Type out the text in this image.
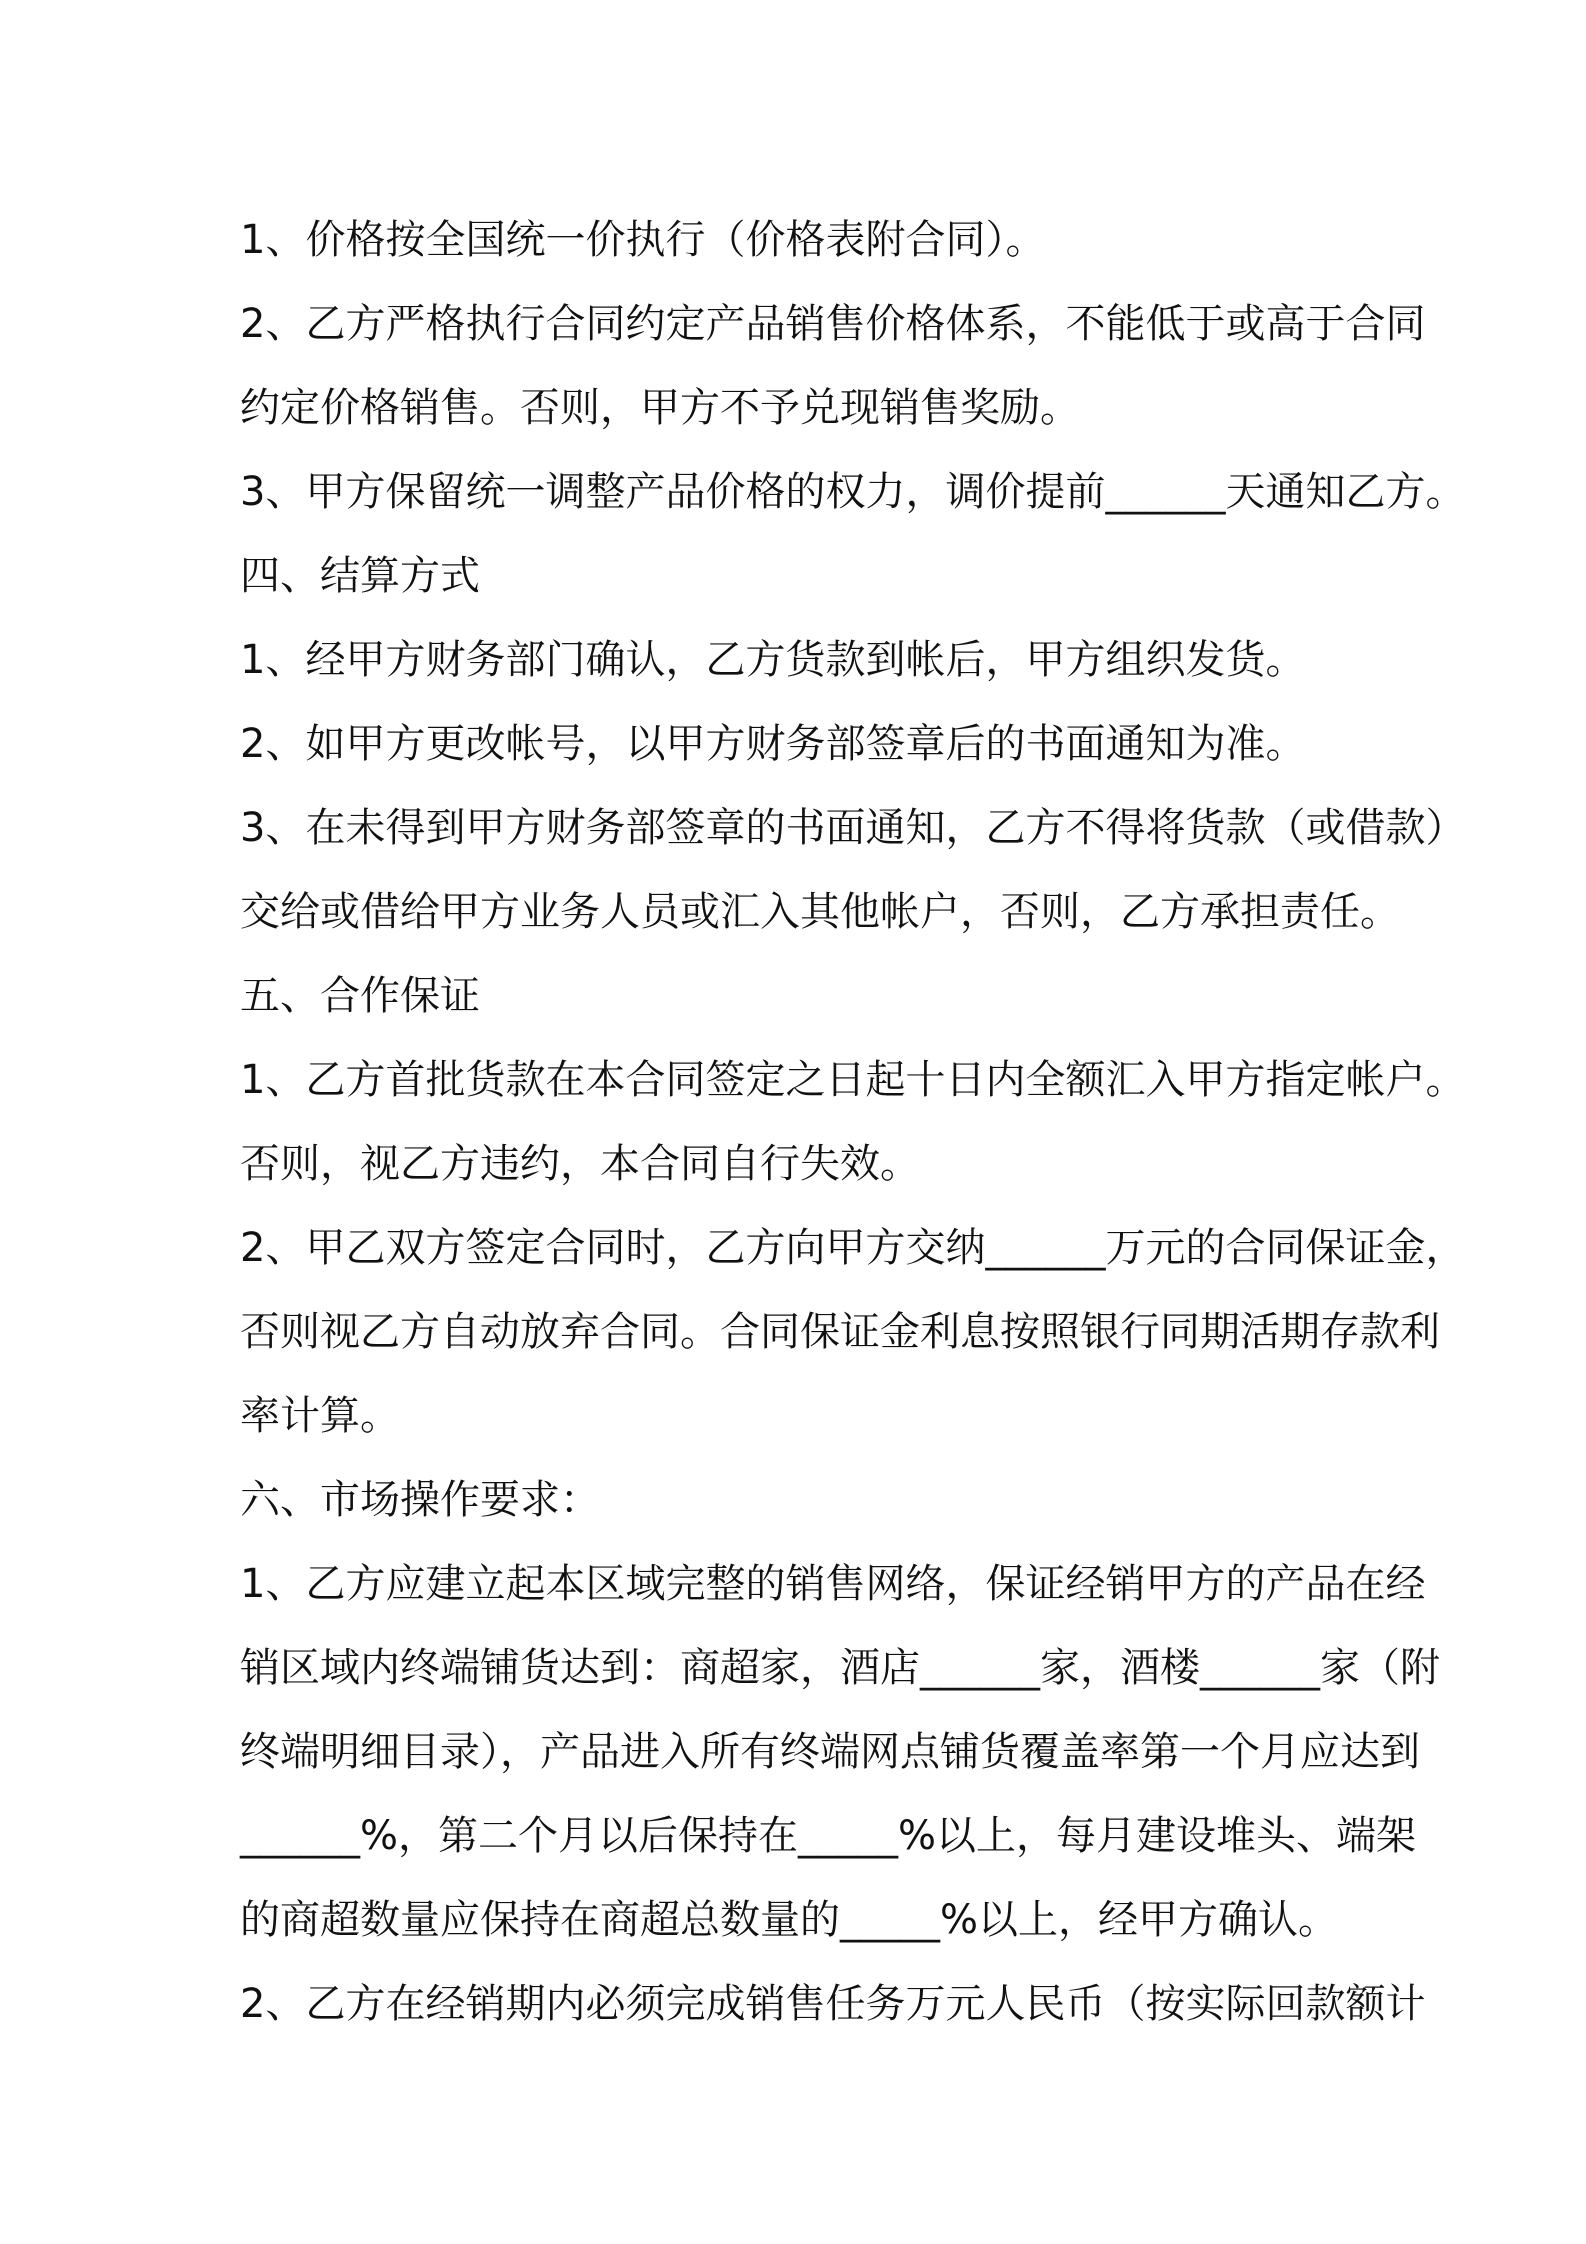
1、价格按全国统一价执行（价格表附合同）。
2、乙方严格执行合同约定产品销售价格体系，不能低于或高于合同
约定价格销售。否则，甲方不予兑现销售奖励。
3、甲方保留统一调整产品价格的权力，调价提前______天通知乙方。
四、结算方式
1、经甲方财务部门确认，乙方货款到帐后，甲方组织发货。
2、如甲方更改帐号，以甲方财务部签章后的书面通知为准。
3、在未得到甲方财务部签章的书面通知，乙方不得将货款（或借款）
交给或借给甲方业务人员或汇入其他帐户，否则，乙方承担责任。
五、合作保证
1、乙方首批货款在本合同签定之日起十日内全额汇入甲方指定帐户。
否则，视乙方违约，本合同自行失效。
2、甲乙双方签定合同时，乙方向甲方交纳______万元的合同保证金，
否则视乙方自动放弃合同。合同保证金利息按照银行同期活期存款利
率计算。
六、市场操作要求：
1、乙方应建立起本区域完整的销售网络，保证经销甲方的产品在经
销区域内终端铺货达到：商超家，酒店______家，酒楼______家（附
终端明细目录），产品进入所有终端网点铺货覆盖率第一个月应达到
______%，第二个月以后保持在_____%以上，每月建设堆头、端架
的商超数量应保持在商超总数量的_____%以上，经甲方确认。
2、乙方在经销期内必须完成销售任务万元人民币（按实际回款额计
